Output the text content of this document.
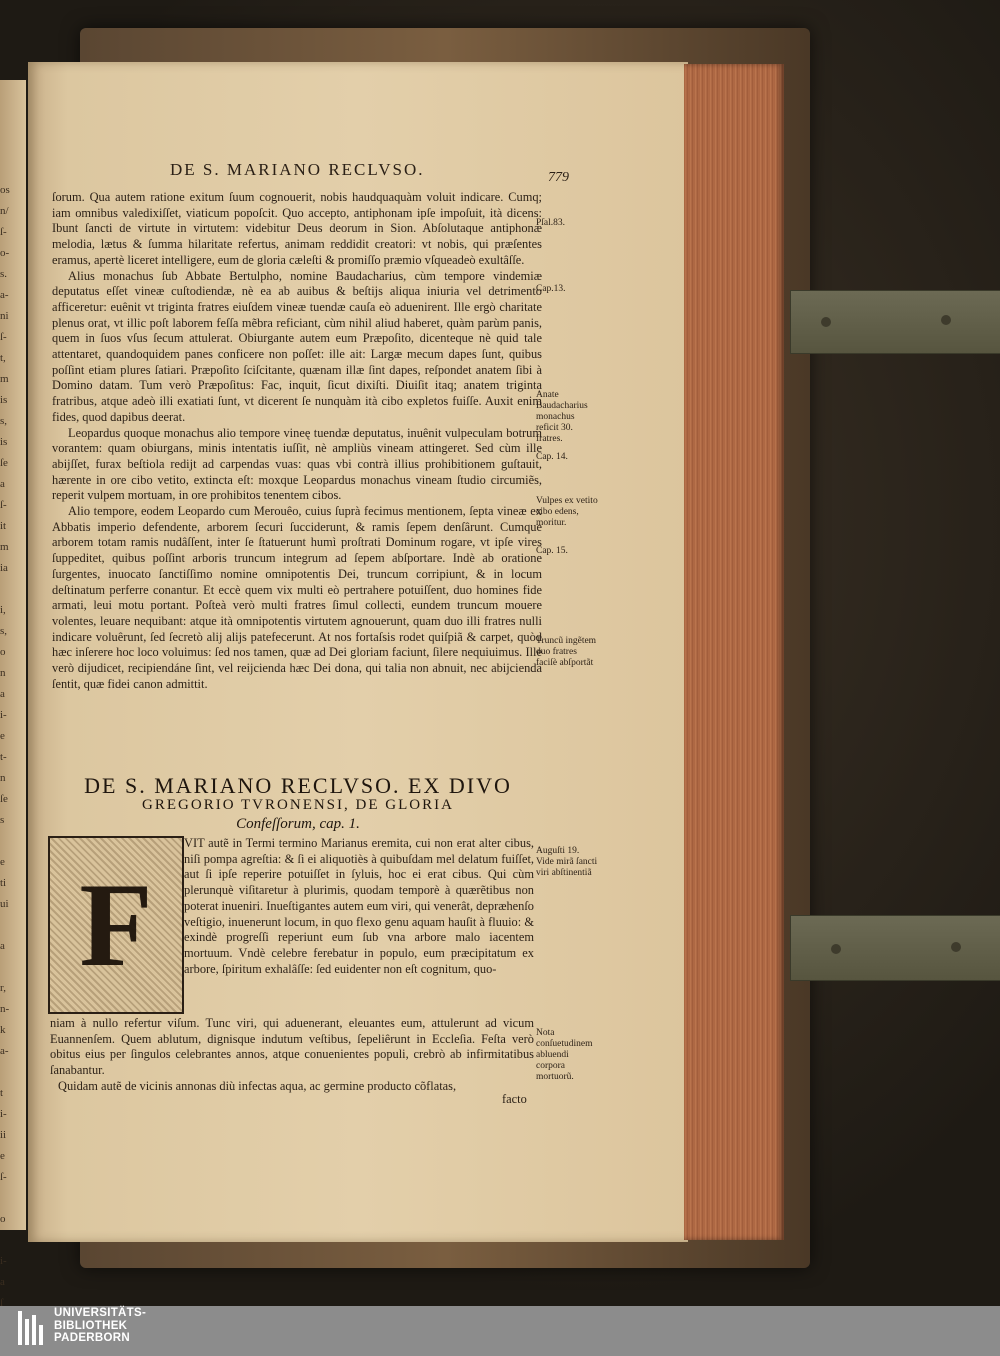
os
n/
ſ-
o-
s.
a-
ni
ſ-
t,
m
is
s,
is
ſe
a
ſ-
it
m
ia

i,
s,
o
n
a
i-
e
t-
n
ſe
s

e
ti
ui

a

r,
n-
k
a-

t
i-
ii
e
ſ-

o

i-
a
ſ
DE S. MARIANO RECLVSO.	779

ſorum. Qua autem ratione exitum ſuum cognouerit, nobis haudquaquàm voluit indicare. Cumq; iam omnibus valedixiſſet, viaticum popoſcit. Quo accepto, antiphonam ipſe impoſuit, ità dicens: Ibunt ſancti de virtute in virtutem: videbitur Deus deorum in Sion. Abſolutaque antiphonæ melodia, lætus & ſumma hilaritate refertus, animam reddidit creatori: vt nobis, qui præſentes eramus, apertè liceret intelligere, eum de gloria cæleſti & promiſſo præmio vſqueadeò exultâſſe.

Alius monachus ſub Abbate Bertulpho, nomine Baudacharius, cùm tempore vindemiæ deputatus eſſet vineæ cuſtodiendæ, nè ea ab auibus & beſtijs aliqua iniuria vel detrimento afficeretur: euênit vt triginta fratres eiuſdem vineæ tuendæ cauſa eò aduenirent. Ille ergò charitate plenus orat, vt illic poſt laborem feſſa mẽbra reficiant, cùm nihil aliud haberet, quàm parùm panis, quem in ſuos vſus ſecum attulerat. Obiurgante autem eum Præpoſito, dicenteque nè quid tale attentaret, quandoquidem panes conficere non poſſet: ille ait: Largæ mecum dapes ſunt, quibus poſſint etiam plures ſatiari. Præpoſito ſciſcitante, quænam illæ ſint dapes, reſpondet anatem ſibi à Domino datam. Tum verò Præpoſitus: Fac, inquit, ſicut dixiſti. Diuiſit itaq; anatem triginta fratribus, atque adeò illi exatiati ſunt, vt dicerent ſe nunquàm ità cibo expletos fuiſſe. Auxit enim fides, quod dapibus deerat.

Leopardus quoque monachus alio tempore vineę tuendæ deputatus, inuênit vulpeculam botrum vorantem: quam obiurgans, minis intentatis iuſſit, nè ampliùs vineam attingeret. Sed cùm ille abijſſet, furax beſtiola redijt ad carpendas vuas: quas vbi contrà illius prohibitionem guſtauit, hærente in ore cibo vetito, extincta eſt: moxque Leopardus monachus vineam ſtudio circumiẽs, reperit vulpem mortuam, in ore prohibitos tenentem cibos.

Alio tempore, eodem Leopardo cum Merouêo, cuius ſuprà fecimus mentionem, ſepta vineæ ex Abbatis imperio defendente, arborem ſecuri ſucciderunt, & ramis ſepem denſârunt. Cumque arborem totam ramis nudâſſent, inter ſe ſtatuerunt humì proſtrati Dominum rogare, vt ipſe vires ſuppeditet, quibus poſſint arboris truncum integrum ad ſepem abſportare. Indè ab oratione ſurgentes, inuocato ſanctiſſimo nomine omnipotentis Dei, truncum corripiunt, & in locum deſtinatum perferre conantur. Et eccè quem vix multi eò pertrahere potuiſſent, duo homines fide armati, leui motu portant. Poſteà verò multi fratres ſimul collecti, eundem truncum mouere volentes, leuare nequibant: atque ità omnipotentis virtutem agnouerunt, quam duo illi fratres nulli indicare voluêrunt, ſed ſecretò alij alijs patefecerunt. At nos fortaſsis rodet quiſpiã & carpet, quòd hæc inſerere hoc loco voluimus: ſed nos tamen, quæ ad Dei gloriam faciunt, ſilere nequiuimus. Ille verò dijudicet, recipiendáne ſint, vel reijcienda hæc Dei dona, qui talia non abnuit, nec abijcienda ſentit, quæ fidei canon admittit.

Pſal.83.
Cap.13.
Anate Baudacharius monachus reficit 30. fratres.
Cap. 14.
Vulpes ex vetito cibo edens, moritur.
Cap. 15.
Truncũ ingẽtem duo fratres faciſè abſportãt
DE S. MARIANO RECLVSO. EX DIVO
GREGORIO TVRONENSI, DE GLORIA
Confeſſorum, cap. 1.
F
VIT autẽ in Termi termino Marianus eremita, cui non erat alter cibus, niſi pompa agreſtia: & ſi ei aliquotiès à quibuſdam mel delatum fuiſſet, aut ſi ipſe reperire potuiſſet in ſyluis, hoc ei erat cibus. Qui cùm plerunquè viſitaretur à plurimis, quodam temporè à quærẽtibus non poterat inueniri. Inueſtigantes autem eum viri, qui venerât, depræhenſo veſtigio, inuenerunt locum, in quo flexo genu aquam hauſit à fluuio: & exindè progreſſi reperiunt eum ſub vna arbore malo iacentem mortuum. Vndè celebre ferebatur in populo, eum præcipitatum ex arbore, ſpiritum exhalâſſe: ſed euidenter non eſt cognitum, quo-

niam à nullo refertur viſum. Tunc viri, qui aduenerant, eleuantes eum, attulerunt ad vicum Euannenſem. Quem ablutum, dignisque indutum veſtibus, ſepeliêrunt in Eccleſia. Feſta verò obitus eius per ſingulos celebrantes annos, atque conuenientes populi, crebrò ab infirmitatibus ſanabantur.

Quidam autẽ de vicinis annonas diù infectas aqua, ac germine producto cõflatas,

facto
Auguſti 19. Vide mirã ſancti viri abſtinentiã
Nota conſuetudinem abluendi corpora mortuorũ.
UNIVERSITÄTS-
BIBLIOTHEK
PADERBORN
